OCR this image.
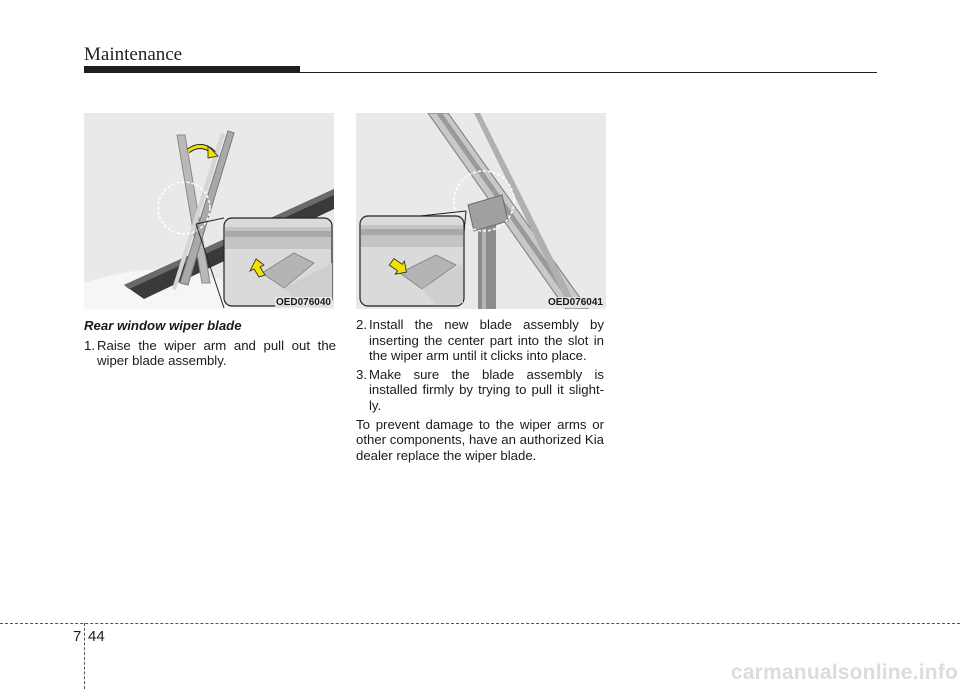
Maintenance
OED076040	OED076041
Rear window wiper blade
1. Raise the wiper arm and pull out the wiper blade assembly.
2. Install the new blade assembly by inserting the center part into the slot in the wiper arm until it clicks into place.
3. Make sure the blade assembly is installed firmly by trying to pull it slight-ly.
To prevent damage to the wiper arms or other components, have an authorized Kia dealer replace the wiper blade.
7 44
carmanualsonline.info
